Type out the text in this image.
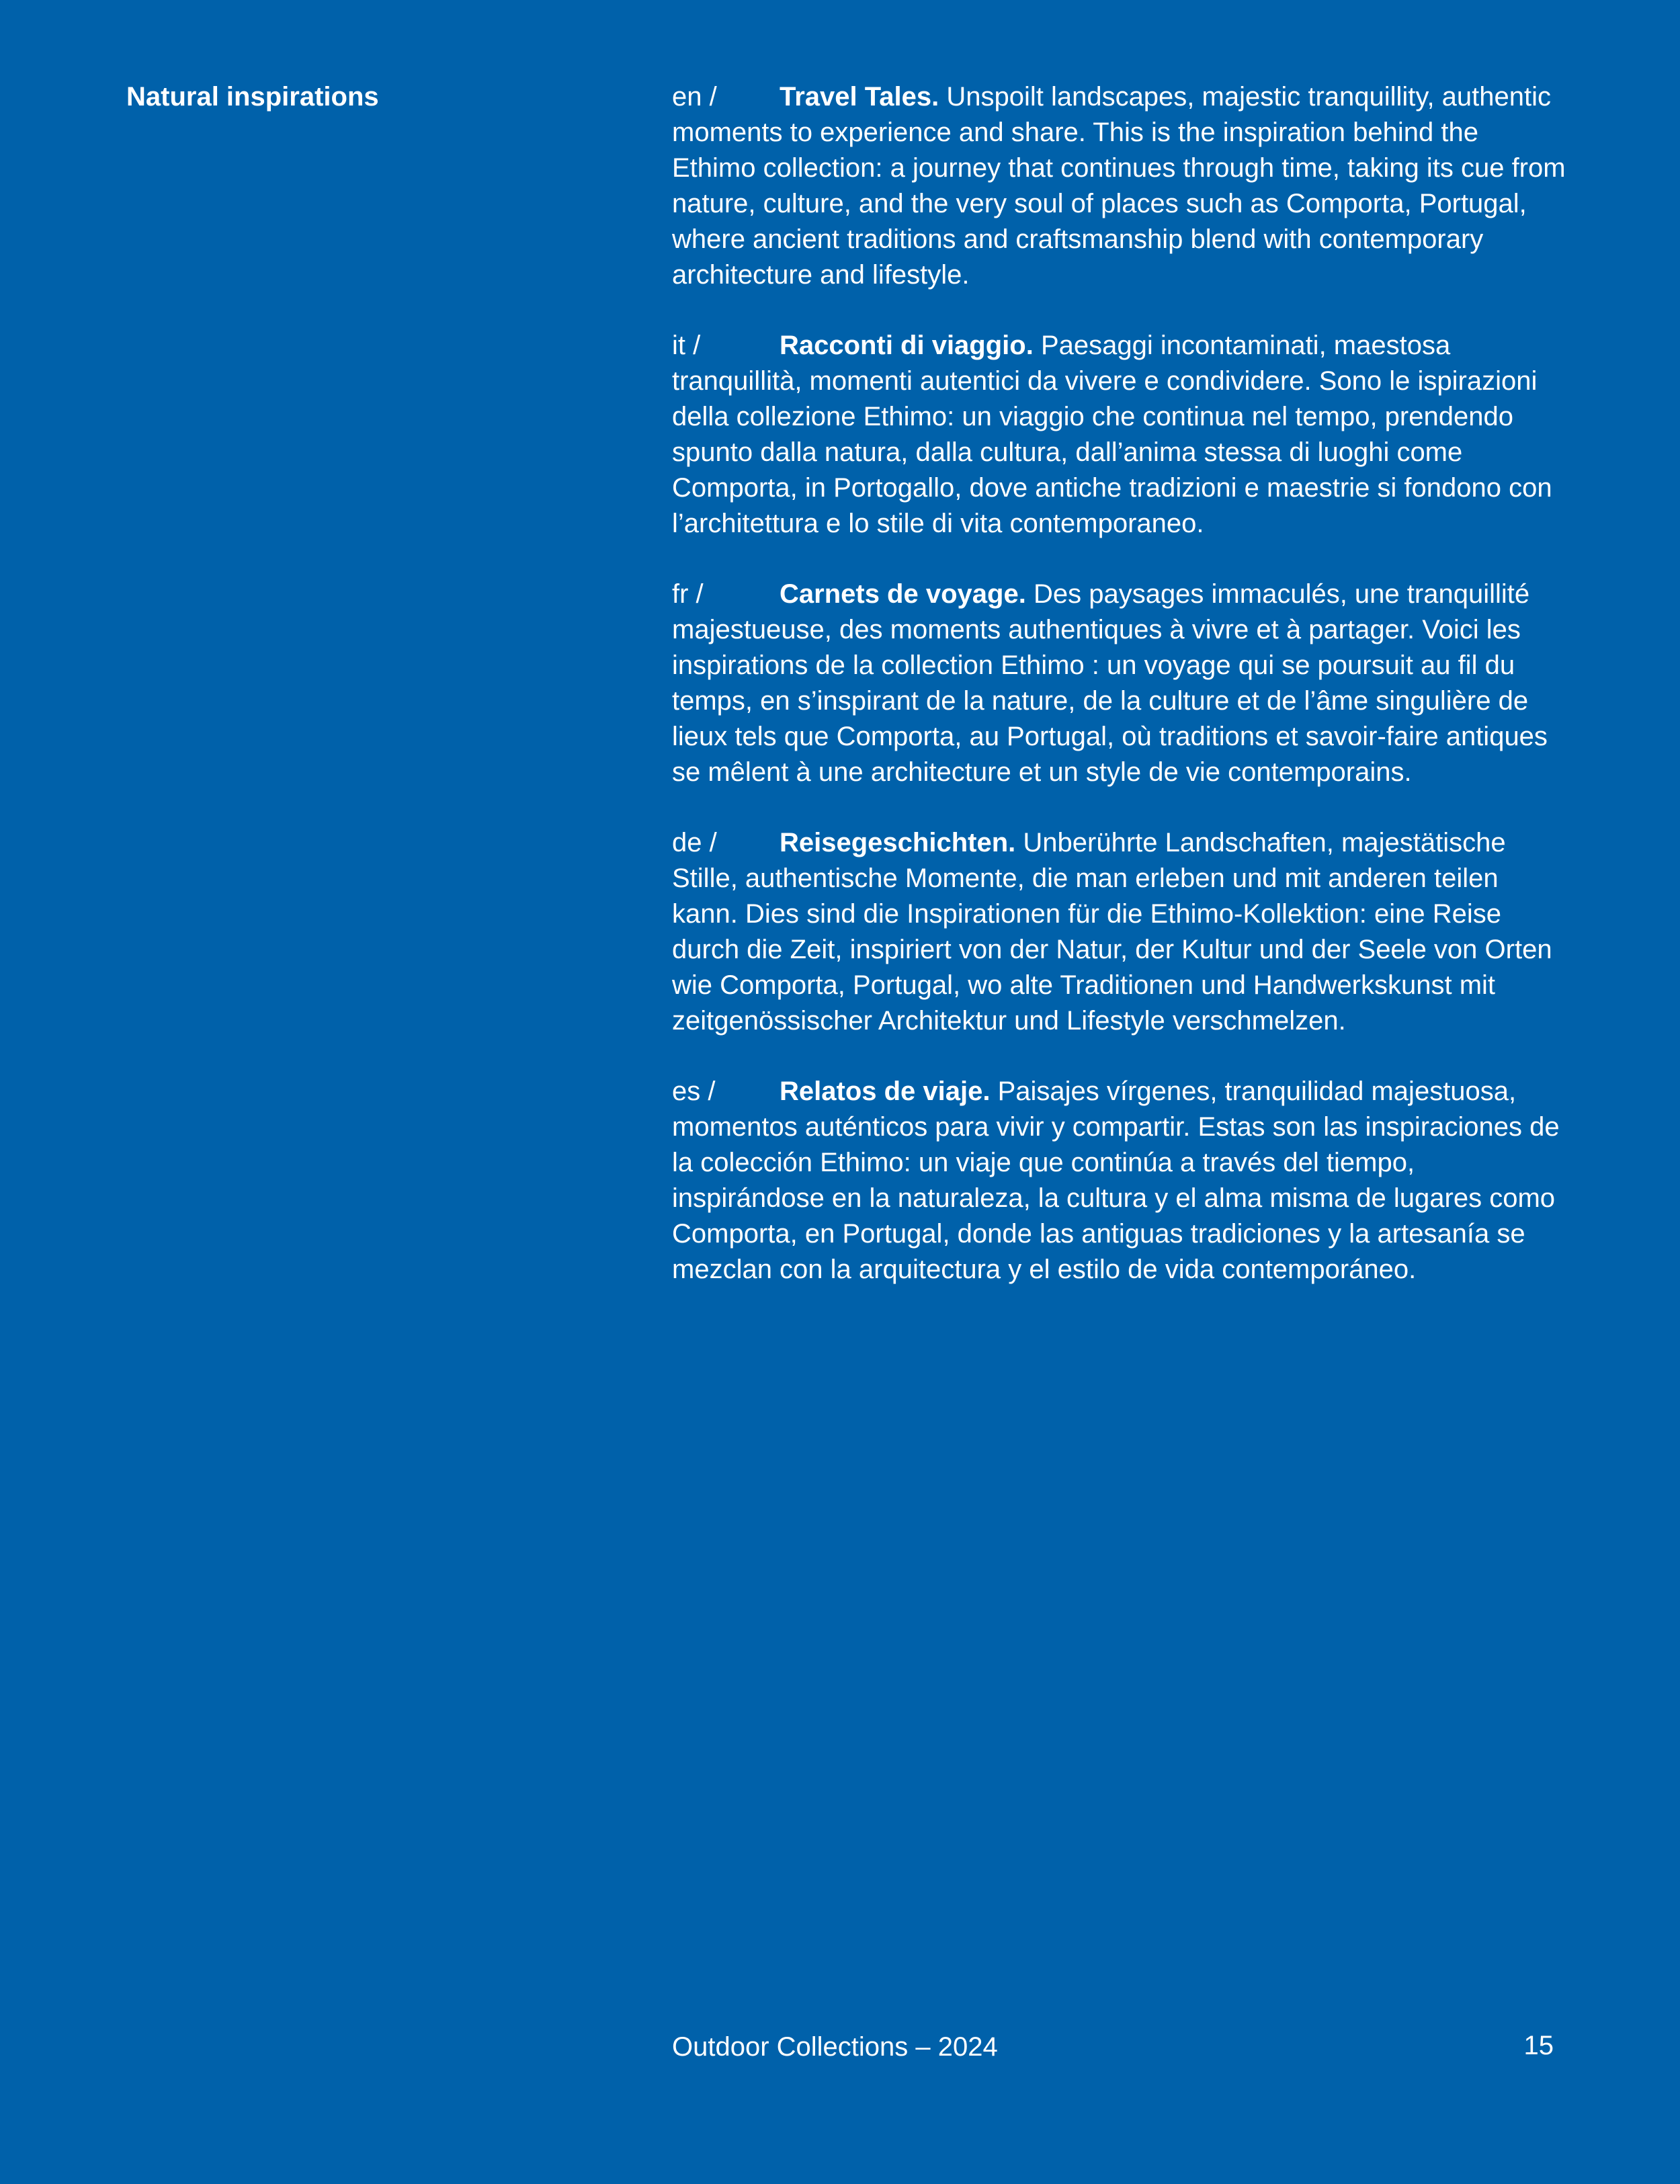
Natural inspirations	en / Travel Tales. Unspoilt landscapes, majestic tranquillity, authentic moments to experience and share. This is the inspiration behind the Ethimo collection: a journey that continues through time, taking its cue from nature, culture, and the very soul of places such as Comporta, Portugal, where ancient traditions and craftsmanship blend with contemporary architecture and lifestyle.

it /	Racconti di viaggio. Paesaggi incontaminati, maestosa tranquillità, momenti autentici da vivere e condividere. Sono le ispirazioni della collezione Ethimo: un viaggio che continua nel tempo, prendendo spunto dalla natura, dalla cultura, dall’anima stessa di luoghi come Comporta, in Portogallo, dove antiche tradizioni e maestrie si fondono con l’architettura e lo stile di vita contemporaneo.

fr /	Carnets de voyage. Des paysages immaculés, une tranquillité majestueuse, des moments authentiques à vivre et à partager. Voici les inspirations de la collection Ethimo : un voyage qui se poursuit au fil du temps, en s’inspirant de la nature, de la culture et de l’âme singulière de lieux tels que Comporta, au Portugal, où traditions et savoir-faire antiques se mêlent à une architecture et un style de vie contemporains.

de / Reisegeschichten. Unberührte Landschaften, majestätische Stille, authentische Momente, die man erleben und mit anderen teilen kann. Dies sind die Inspirationen für die Ethimo-Kollektion: eine Reise durch die Zeit, inspiriert von der Natur, der Kultur und der Seele von Orten wie Comporta, Portugal, wo alte Traditionen und Handwerkskunst mit zeitgenössischer Architektur und Lifestyle verschmelzen.

es / Relatos de viaje. Paisajes vírgenes, tranquilidad majestuosa, momentos auténticos para vivir y compartir. Estas son las inspiraciones de la colección Ethimo: un viaje que continúa a través del tiempo, inspirándose en la naturaleza, la cultura y el alma misma de lugares como Comporta, en Portugal, donde las antiguas tradiciones y la artesanía se mezclan con la arquitectura y el estilo de vida contemporáneo.

Outdoor Collections – 2024	15
